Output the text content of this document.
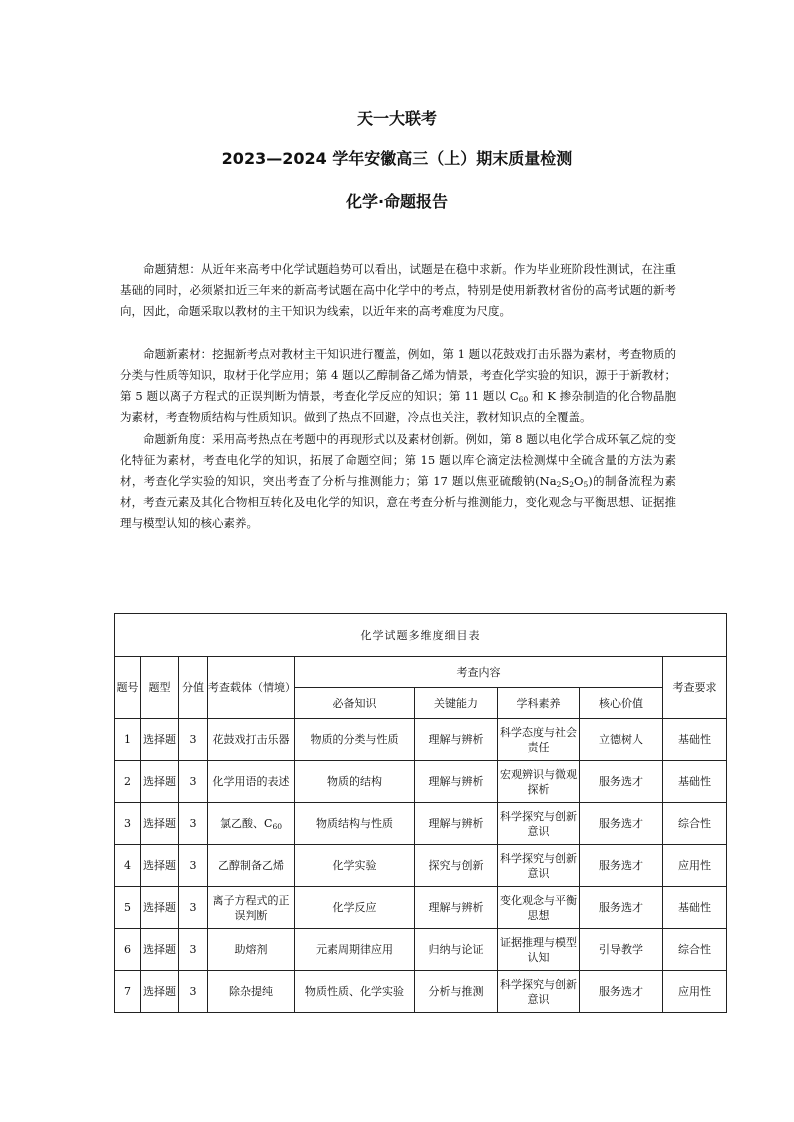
天一大联考
2023—2024 学年安徽高三（上）期末质量检测
化学·命题报告

命题猜想：从近年来高考中化学试题趋势可以看出，试题是在稳中求新。作为毕业班阶段性测试，在注重基础的同时，必须紧扣近三年来的新高考试题在高中化学中的考点，特别是使用新教材省份的高考试题的新考向，因此，命题采取以教材的主干知识为线索，以近年来的高考难度为尺度。

命题新素材：挖掘新考点对教材主干知识进行覆盖，例如，第 1 题以花鼓戏打击乐器为素材，考查物质的分类与性质等知识，取材于化学应用；第 4 题以乙醇制备乙烯为情景，考查化学实验的知识，源于于新教材；第 5 题以离子方程式的正误判断为情景，考查化学反应的知识；第 11 题以 $C_{60}$ 和 K 掺杂制造的化合物晶胞为素材，考查物质结构与性质知识。做到了热点不回避，冷点也关注，教材知识点的全覆盖。

命题新角度：采用高考热点在考题中的再现形式以及素材创新。例如，第 8 题以电化学合成环氧乙烷的变化特征为素材，考查电化学的知识，拓展了命题空间；第 15 题以库仑滴定法检测煤中全硫含量的方法为素材，考查化学实验的知识，突出考查了分析与推测能力；第 17 题以焦亚硫酸钠$(Na_2S_2O_5)$的制备流程为素材，考查元素及其化合物相互转化及电化学的知识，意在考查分析与推测能力，变化观念与平衡思想、证据推理与模型认知的核心素养。

化学试题多维度细目表								
题号	题型	分值	考查载体（情境）	考查内容				考查要求
				必备知识	关键能力	学科素养	核心价值	
1	选择题	3	花鼓戏打击乐器	物质的分类与性质	理解与辨析	科学态度与社会责任	立德树人	基础性
2	选择题	3	化学用语的表述	物质的结构	理解与辨析	宏观辨识与微观探析	服务选才	基础性
3	选择题	3	氯乙酸、$C_{60}$	物质结构与性质	理解与辨析	科学探究与创新意识	服务选才	综合性
4	选择题	3	乙醇制备乙烯	化学实验	探究与创新	科学探究与创新意识	服务选才	应用性
5	选择题	3	离子方程式的正误判断	化学反应	理解与辨析	变化观念与平衡思想	服务选才	基础性
6	选择题	3	助熔剂	元素周期律应用	归纳与论证	证据推理与模型认知	引导教学	综合性
7	选择题	3	除杂提纯	物质性质、化学实验	分析与推测	科学探究与创新意识	服务选才	应用性
